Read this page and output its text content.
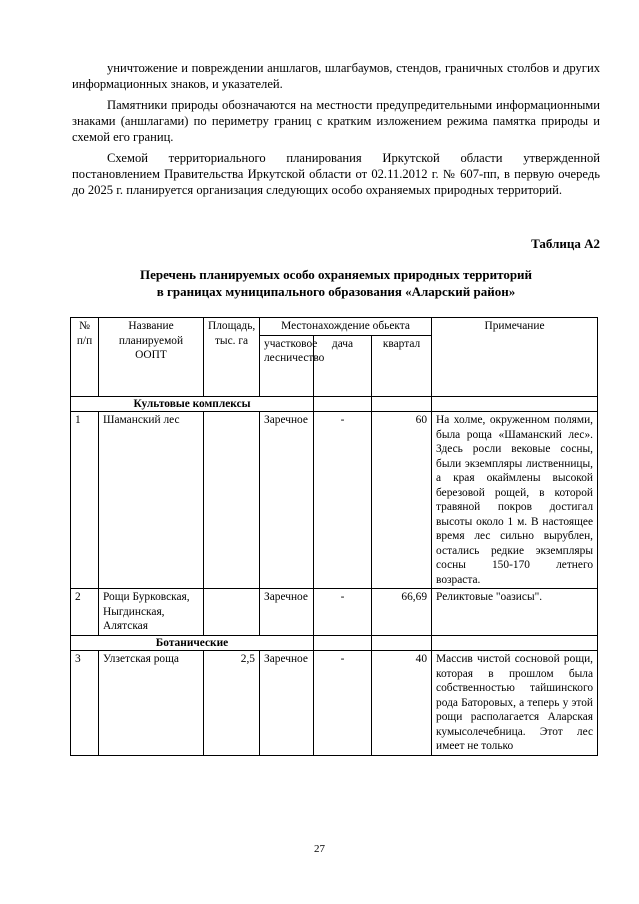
уничтожение и повреждении аншлагов, шлагбаумов, стендов, граничных столбов и других информационных знаков, и указателей.

Памятники природы обозначаются на местности предупредительными информационными знаками (аншлагами) по периметру границ с кратким изложением режима памятка природы и схемой его границ.

Схемой территориального планирования Иркутской области утвержденной постановлением Правительства Иркутской области от 02.11.2012 г. № 607-пп, в первую очередь до 2025 г. планируется организация следующих особо охраняемых природных территорий.

Таблица А2
Перечень планируемых особо охраняемых природных территорий
в границах муниципального образования «Аларский район»
№ п/п	Название планируемой ООПТ	Площадь, тыс. га	Местонахождение обьекта			Примечание
			участковое лесничество	дача	квартал	
Культовые комплексы						
1	Шаманский лес		Заречное	-	60	На холме, окруженном полями, была роща «Шаманский лес». Здесь росли вековые сосны, были экземпляры лиственницы, а края окаймлены высокой березовой рощей, в которой травяной покров достигал высоты около 1 м. В настоящее время лес сильно вырублен, остались редкие экземпляры сосны 150-170 летнего возраста.
2	Рощи Бурковская, Ныгдинская, Алятская		Заречное	-	66,69	Реликтовые "оазисы".
Ботанические						
3	Улзетская роща	2,5	Заречное	-	40	Массив чистой сосновой рощи, которая в прошлом была собственностью тайшинского рода Баторовых, а теперь у этой рощи располагается Аларская кумысолечебница. Этот лес имеет не только
27
